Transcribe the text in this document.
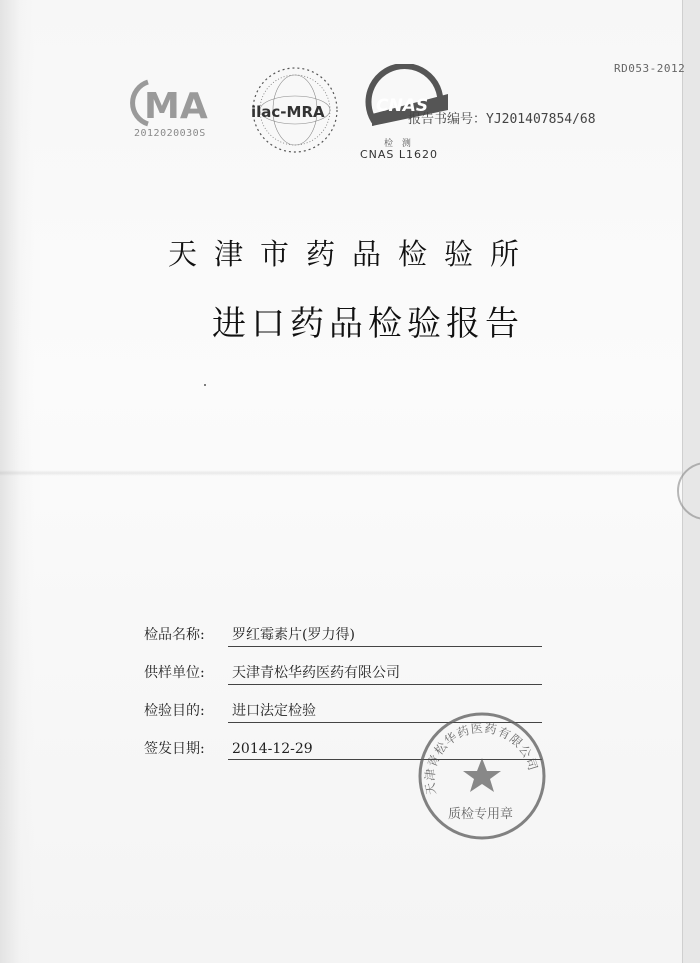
RD053-2012
MA
2012020030S
ilac-MRA	CNAS
检 测
CNAS L1620
报告书编号：YJ201407854/68
天津市药品检验所
进口药品检验报告
检品名称:	罗红霉素片(罗力得)
供样单位:	天津青松华药医药有限公司
检验目的:	进口法定检验
签发日期:	2014-12-29
天津青松华药医药有限公司
质检专用章
